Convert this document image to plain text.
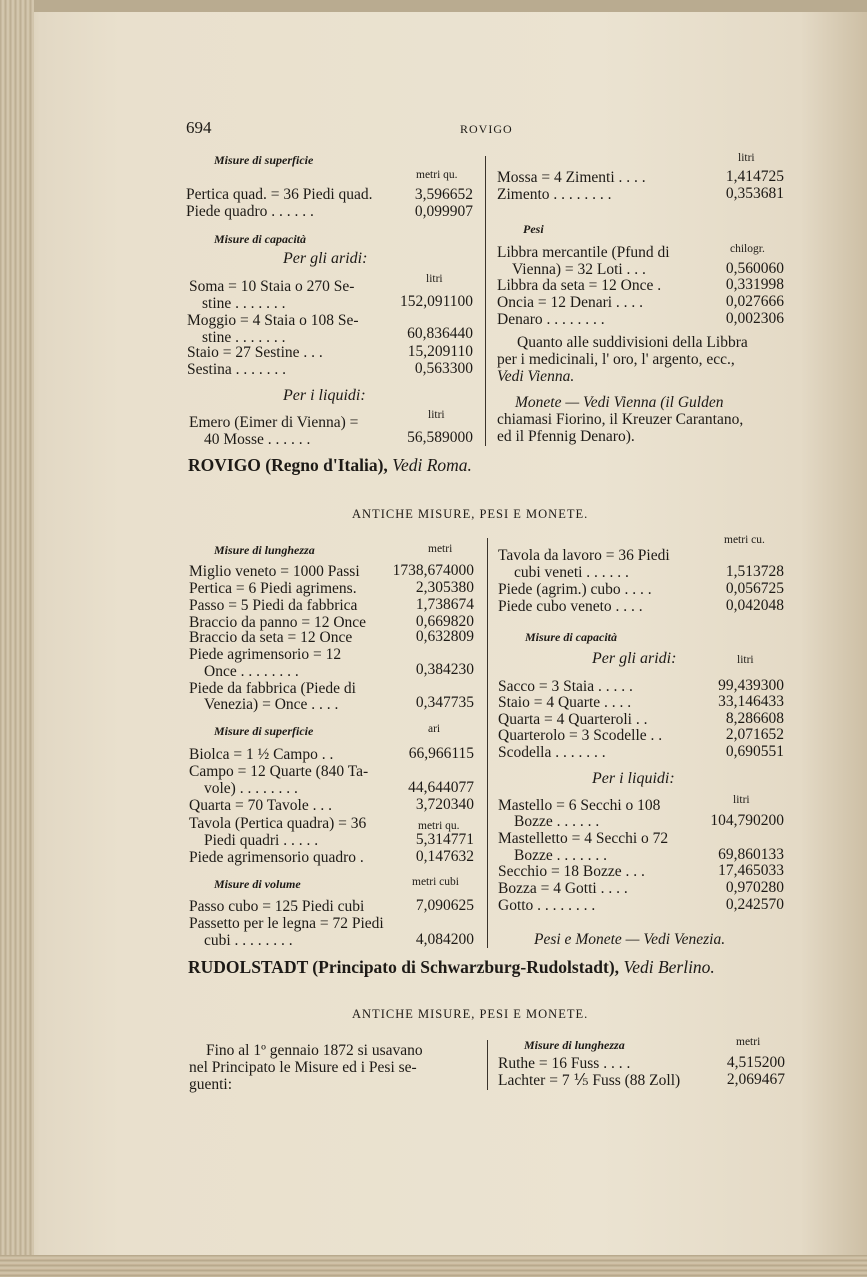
694	ROVIGO
Misure di superficie
metri qu.
Pertica quad. = 36 Piedi quad.	3,596652
Piede quadro . . . . . .	0,099907
Misure di capacità
Per gli aridi:
litri
Soma = 10 Staia o 270 Se-
stine . . . . . . .	152,091100
Moggio = 4 Staia o 108 Se-
stine . . . . . . .	60,836440
Staio = 27 Sestine . . .	15,209110
Sestina . . . . . . .	0,563300
Per i liquidi:
litri
Emero (Eimer di Vienna) =
40 Mosse . . . . . .	56,589000
litri
Mossa = 4 Zimenti . . . .	1,414725
Zimento . . . . . . . .	0,353681
Pesi
Libbra mercantile (Pfund di	chilogr.
Vienna) = 32 Loti . . .	0,560060
Libbra da seta = 12 Once .	0,331998
Oncia = 12 Denari . . . .	0,027666
Denaro . . . . . . . .	0,002306
Quanto alle suddivisioni della Libbra
per i medicinali, l' oro, l' argento, ecc.,
Vedi Vienna.
Monete — Vedi Vienna (il Gulden
chiamasi Fiorino, il Kreuzer Carantano,
ed il Pfennig Denaro).
ROVIGO (Regno d'Italia), Vedi Roma.
ANTICHE MISURE, PESI E MONETE.
Misure di lunghezza	metri
Miglio veneto = 1000 Passi 1738,674000
Pertica = 6 Piedi agrimens.	2,305380
Passo = 5 Piedi da fabbrica	1,738674
Braccio da panno = 12 Once	0,669820
Braccio da seta = 12 Once	0,632809
Piede agrimensorio = 12
Once . . . . . . . .	0,384230
Piede da fabbrica (Piede di
Venezia) = Once . . . .	0,347735
Misure di superficie	ari
Biolca = 1 ½ Campo . .	66,966115
Campo = 12 Quarte (840 Ta-
vole) . . . . . . . .	44,644077
Quarta = 70 Tavole . . .	3,720340
Tavola (Pertica quadra) = 36	metri qu.
Piedi quadri . . . . .	5,314771
Piede agrimensorio quadro .	0,147632
Misure di volume	metri cubi
Passo cubo = 125 Piedi cubi	7,090625
Passetto per le legna = 72 Piedi
cubi . . . . . . . .	4,084200
metri cu.
Tavola da lavoro = 36 Piedi
cubi veneti . . . . . .	1,513728
Piede (agrim.) cubo . . . .	0,056725
Piede cubo veneto . . . .	0,042048
Misure di capacità
Per gli aridi:	litri
Sacco = 3 Staia . . . . .	99,439300
Staio = 4 Quarte . . . .	33,146433
Quarta = 4 Quarteroli . .	8,286608
Quarterolo = 3 Scodelle . .	2,071652
Scodella . . . . . . .	0,690551
Per i liquidi:
litri
Mastello = 6 Secchi o 108
Bozze . . . . . .	104,790200
Mastelletto = 4 Secchi o 72
Bozze . . . . . . .	69,860133
Secchio = 18 Bozze . . .	17,465033
Bozza = 4 Gotti . . . .	0,970280
Gotto . . . . . . . .	0,242570
Pesi e Monete — Vedi Venezia.
RUDOLSTADT (Principato di Schwarzburg-Rudolstadt), Vedi Berlino.
ANTICHE MISURE, PESI E MONETE.
Fino al 1º gennaio 1872 si usavano
nel Principato le Misure ed i Pesi se-
guenti:
Misure di lunghezza	metri
Ruthe = 16 Fuss . . . .	4,515200
Lachter = 7 ⅕ Fuss (88 Zoll)	2,069467
